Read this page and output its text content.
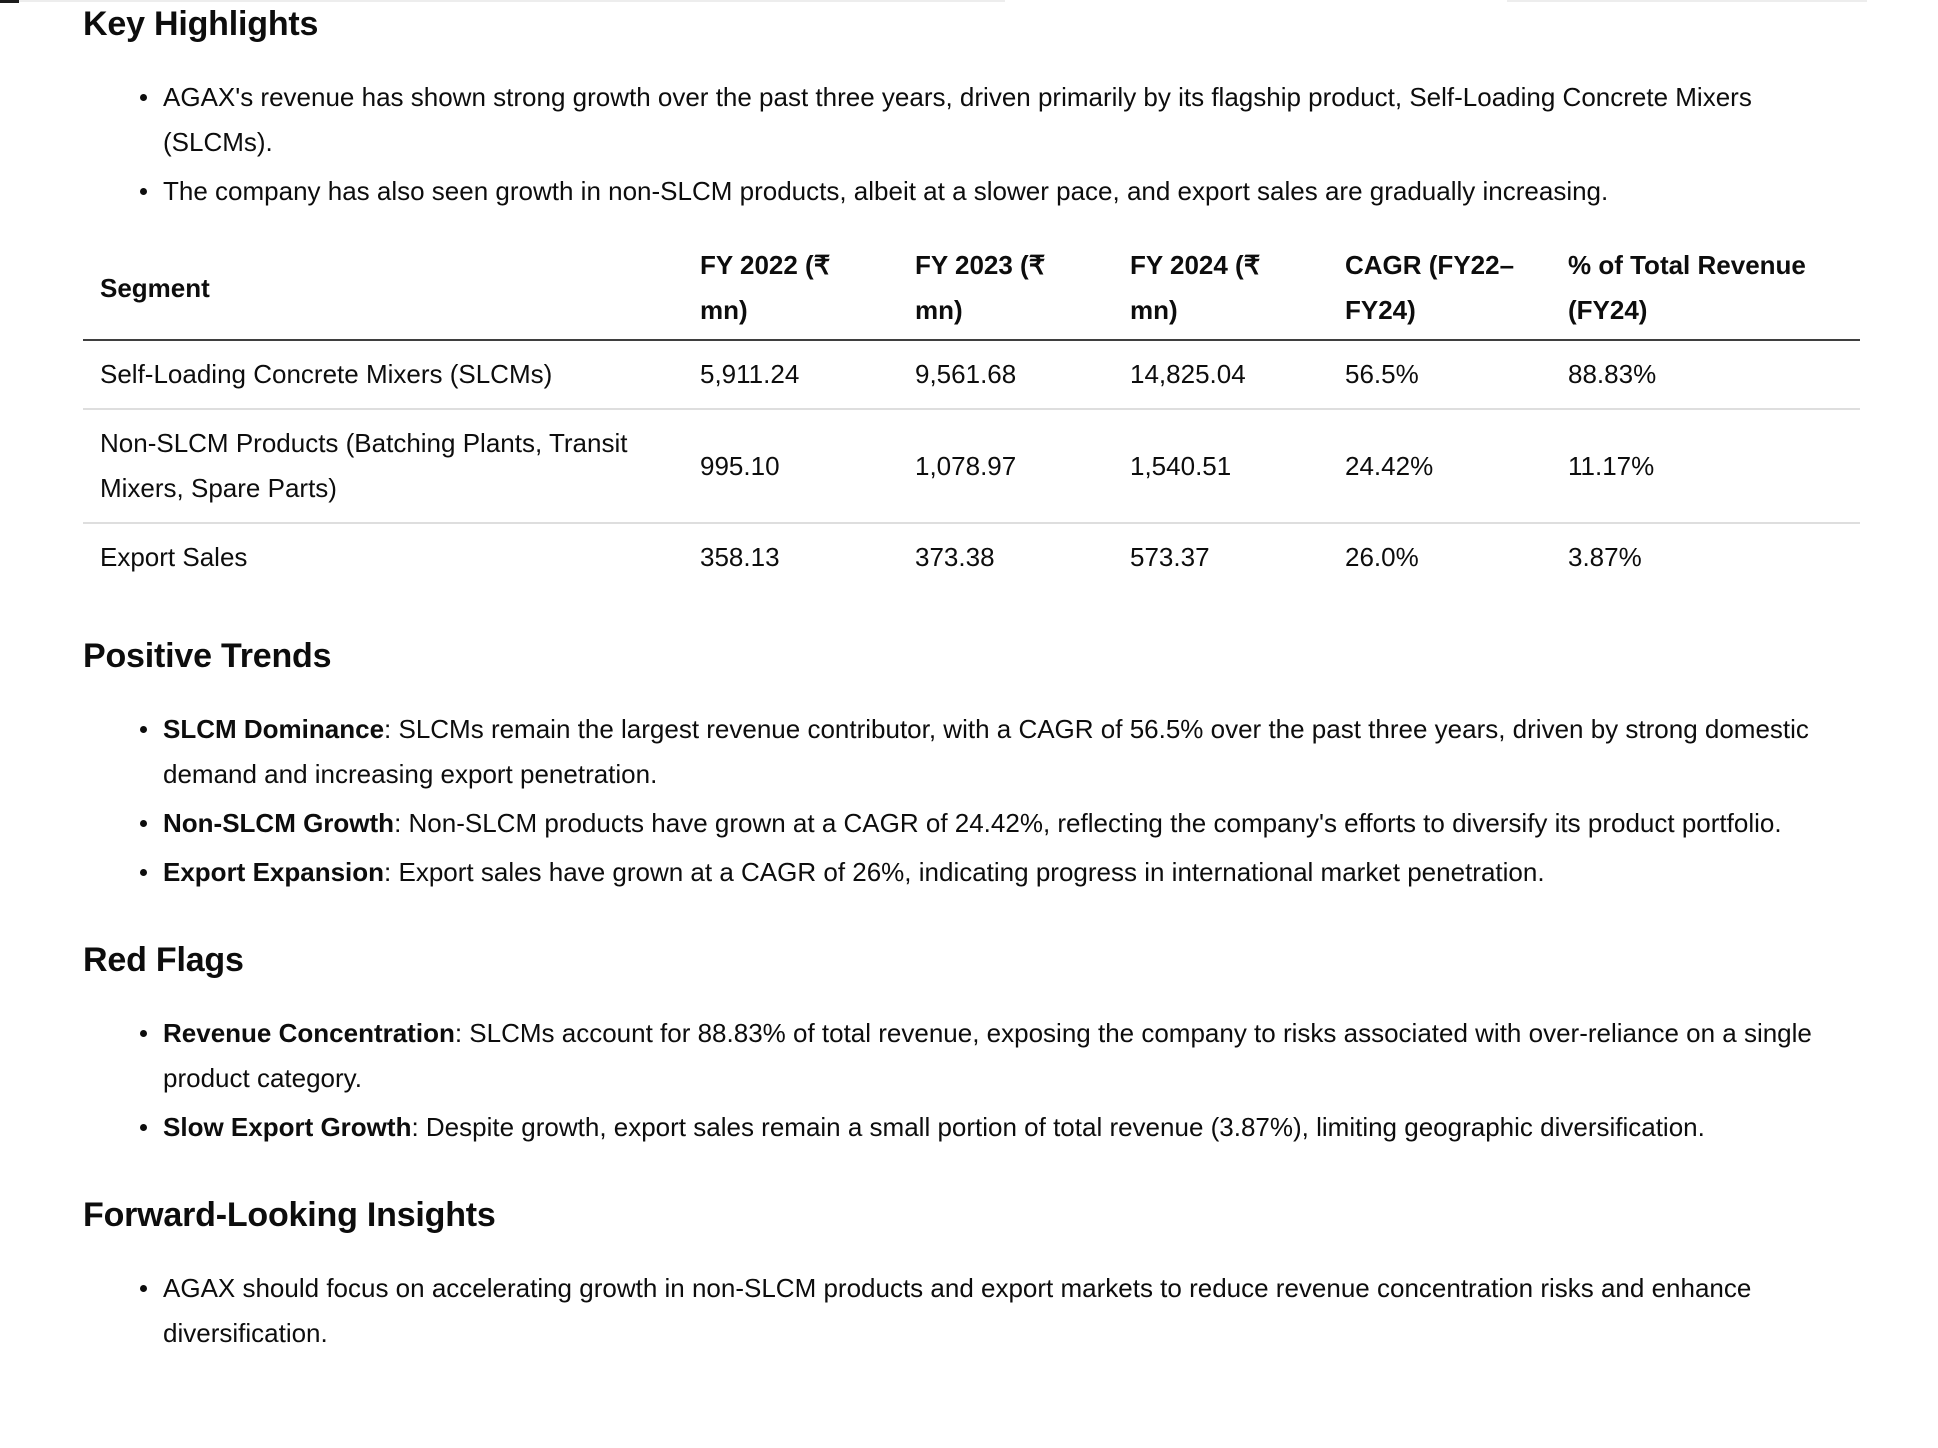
Key Highlights
AGAX's revenue has shown strong growth over the past three years, driven primarily by its flagship product, Self-Loading Concrete Mixers (SLCMs).
The company has also seen growth in non-SLCM products, albeit at a slower pace, and export sales are gradually increasing.
Segment	FY 2022 (₹ mn)	FY 2023 (₹ mn)	FY 2024 (₹ mn)	CAGR (FY22–FY24)	% of Total Revenue (FY24)
Self-Loading Concrete Mixers (SLCMs)	5,911.24	9,561.68	14,825.04	56.5%	88.83%
Non-SLCM Products (Batching Plants, Transit Mixers, Spare Parts)	995.10	1,078.97	1,540.51	24.42%	11.17%
Export Sales	358.13	373.38	573.37	26.0%	3.87%
Positive Trends
SLCM Dominance: SLCMs remain the largest revenue contributor, with a CAGR of 56.5% over the past three years, driven by strong domestic demand and increasing export penetration.
Non-SLCM Growth: Non-SLCM products have grown at a CAGR of 24.42%, reflecting the company's efforts to diversify its product portfolio.
Export Expansion: Export sales have grown at a CAGR of 26%, indicating progress in international market penetration.
Red Flags
Revenue Concentration: SLCMs account for 88.83% of total revenue, exposing the company to risks associated with over-reliance on a single product category.
Slow Export Growth: Despite growth, export sales remain a small portion of total revenue (3.87%), limiting geographic diversification.
Forward-Looking Insights
AGAX should focus on accelerating growth in non-SLCM products and export markets to reduce revenue concentration risks and enhance diversification.
